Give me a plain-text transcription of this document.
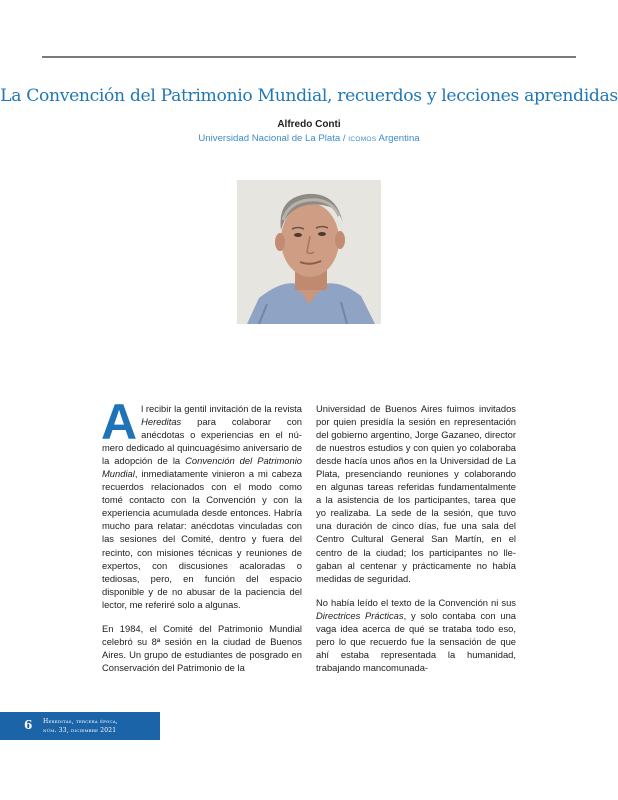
La Convención del Patrimonio Mundial, recuerdos y lecciones aprendidas
Alfredo Conti
Universidad Nacional de La Plata / ICOMOS Argentina

Al recibir la gentil invitación de la revista Hereditas para colaborar con anécdotas o experiencias en el número dedicado al quincuagésimo aniversario de la adopción de la Convención del Patrimonio Mundial, inmediatamente vinieron a mi cabeza recuerdos relacionados con el modo como tomé contacto con la Convención y con la experiencia acumulada desde entonces. Habría mucho para relatar: anécdotas vinculadas con las sesiones del Comité, dentro y fuera del recinto, con misiones técnicas y reuniones de expertos, con discusiones acaloradas o tediosas, pero, en función del espacio disponible y de no abusar de la paciencia del lector, me referiré solo a algunas.

En 1984, el Comité del Patrimonio Mundial celebró su 8ª sesión en la ciudad de Buenos Aires. Un grupo de estudiantes de posgrado en Conservación del Patrimonio de la

Universidad de Buenos Aires fuimos invitados por quien presidía la sesión en representación del gobierno argentino, Jorge Gazaneo, director de nuestros estudios y con quien yo colaboraba desde hacía unos años en la Universidad de La Plata, presenciando reuniones y colaborando en algunas tareas referidas fundamentalmente a la asistencia de los participantes, tarea que yo realizaba. La sede de la sesión, que tuvo una duración de cinco días, fue una sala del Centro Cultural General San Martín, en el centro de la ciudad; los participantes no llegaban al centenar y prácticamente no había medidas de seguridad.

No había leído el texto de la Convención ni sus Directrices Prácticas, y solo contaba con una vaga idea acerca de qué se trataba todo eso, pero lo que recuerdo fue la sensación de que ahí estaba representada la humanidad, trabajando mancomunada-

6 Hereditas, tercera época,
núm. 33, diciembre 2021
